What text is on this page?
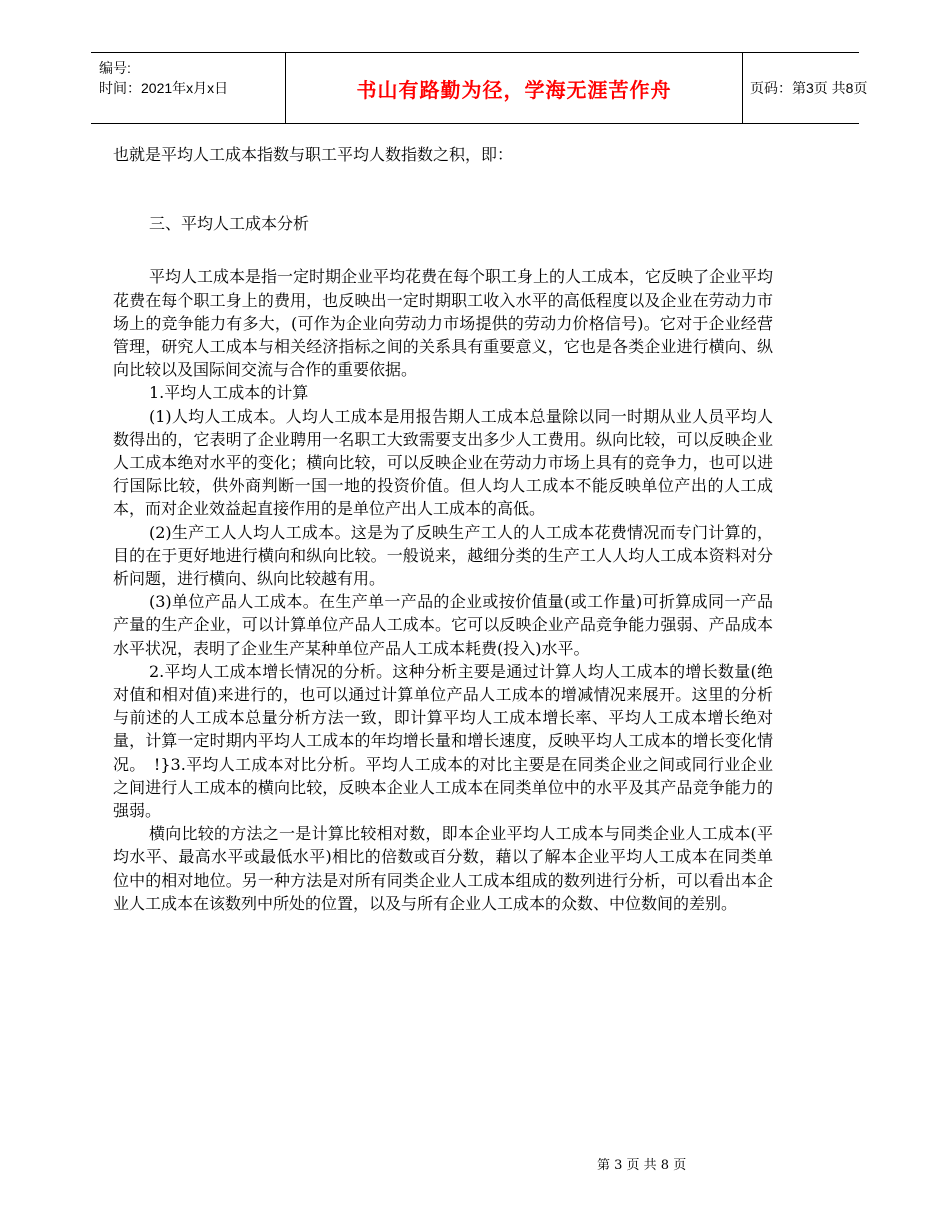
编号:
时间：2021年x月x日	书山有路勤为径，学海无涯苦作舟	页码：第3页 共8页

也就是平均人工成本指数与职工平均人数指数之积，即：

三、平均人工成本分析

平均人工成本是指一定时期企业平均花费在每个职工身上的人工成本，它反映了企业平均花费在每个职工身上的费用，也反映出一定时期职工收入水平的高低程度以及企业在劳动力市场上的竞争能力有多大，(可作为企业向劳动力市场提供的劳动力价格信号)。它对于企业经营管理，研究人工成本与相关经济指标之间的关系具有重要意义，它也是各类企业进行横向、纵向比较以及国际间交流与合作的重要依据。

1.平均人工成本的计算

(1)人均人工成本。人均人工成本是用报告期人工成本总量除以同一时期从业人员平均人数得出的，它表明了企业聘用一名职工大致需要支出多少人工费用。纵向比较，可以反映企业人工成本绝对水平的变化；横向比较，可以反映企业在劳动力市场上具有的竞争力，也可以进行国际比较，供外商判断一国一地的投资价值。但人均人工成本不能反映单位产出的人工成本，而对企业效益起直接作用的是单位产出人工成本的高低。

(2)生产工人人均人工成本。这是为了反映生产工人的人工成本花费情况而专门计算的，目的在于更好地进行横向和纵向比较。一般说来，越细分类的生产工人人均人工成本资料对分析问题，进行横向、纵向比较越有用。

(3)单位产品人工成本。在生产单一产品的企业或按价值量(或工作量)可折算成同一产品产量的生产企业，可以计算单位产品人工成本。它可以反映企业产品竞争能力强弱、产品成本水平状况，表明了企业生产某种单位产品人工成本耗费(投入)水平。

2.平均人工成本增长情况的分析。这种分析主要是通过计算人均人工成本的增长数量(绝对值和相对值)来进行的，也可以通过计算单位产品人工成本的增减情况来展开。这里的分析与前述的人工成本总量分析方法一致，即计算平均人工成本增长率、平均人工成本增长绝对量，计算一定时期内平均人工成本的年均增长量和增长速度，反映平均人工成本的增长变化情况。　!}3.平均人工成本对比分析。平均人工成本的对比主要是在同类企业之间或同行业企业之间进行人工成本的横向比较，反映本企业人工成本在同类单位中的水平及其产品竞争能力的强弱。

横向比较的方法之一是计算比较相对数，即本企业平均人工成本与同类企业人工成本(平均水平、最高水平或最低水平)相比的倍数或百分数，藉以了解本企业平均人工成本在同类单位中的相对地位。另一种方法是对所有同类企业人工成本组成的数列进行分析，可以看出本企业人工成本在该数列中所处的位置，以及与所有企业人工成本的众数、中位数间的差别。

第 3 页 共 8 页
